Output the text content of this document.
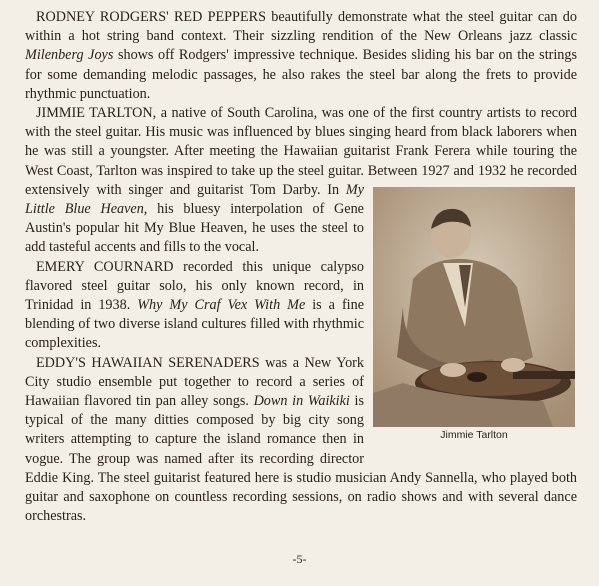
RODNEY RODGERS' RED PEPPERS beautifully demonstrate what the steel guitar can do within a hot string band context. Their sizzling rendition of the New Orleans jazz classic Milenberg Joys shows off Rodgers' impressive technique. Besides sliding his bar on the strings for some demanding melodic passages, he also rakes the steel bar along the frets to provide rhythmic punctuation.

JIMMIE TARLTON, a native of South Carolina, was one of the first country artists to record with the steel guitar. His music was influenced by blues singing heard from black laborers when he was still a youngster. After meeting the Hawaiian guitarist Frank Ferera while touring the West Coast, Tarlton was inspired to take up the steel guitar. Between 1927 and 1932 he recorded extensively with singer and guitarist Tom Darby. In My Little Blue Heaven, his bluesy interpolation of Gene Austin's popular hit My Blue Heaven, he uses the steel to add tasteful accents and fills to the vocal.

EMERY COURNARD recorded this unique calypso flavored steel guitar solo, his only known record, in Trinidad in 1938. Why My Craf Vex With Me is a fine blending of two diverse island cultures filled with rhythmic complexities.

EDDY'S HAWAIIAN SERENADERS was a New York City studio ensemble put together to record a series of Hawaiian flavored tin pan alley songs. Down in Waikiki is typical of the many ditties composed by big city song writers attempting to capture the island romance then in vogue. The group was named after its recording director Eddie King. The steel guitarist featured here is studio musician Andy Sannella, who played both guitar and saxophone on countless recording sessions, on radio shows and with several dance orchestras.

Jimmie Tarlton
-5-
